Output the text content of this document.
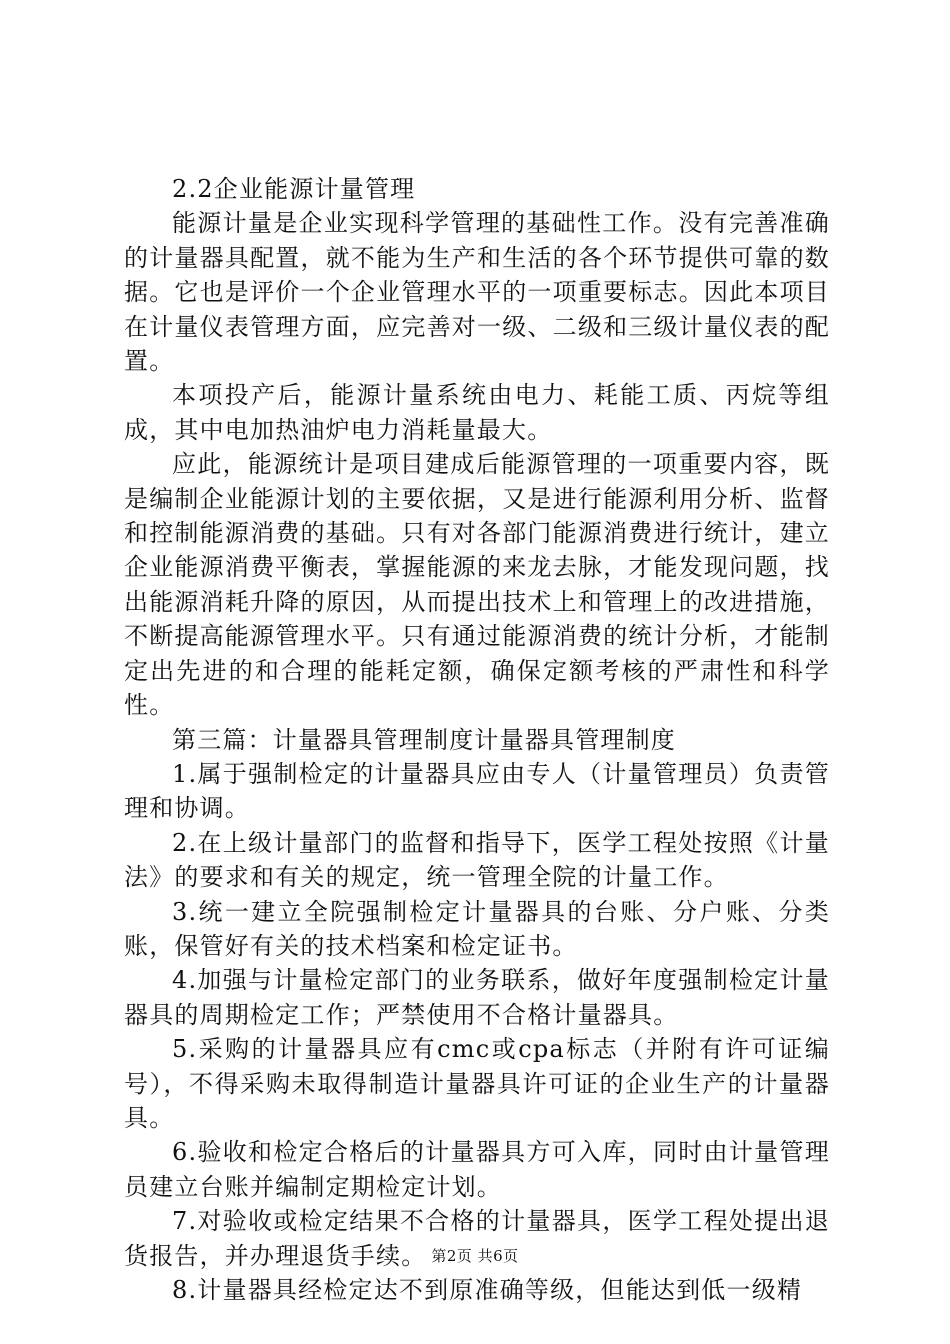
2.2企业能源计量管理

能源计量是企业实现科学管理的基础性工作。没有完善准确的计量器具配置，就不能为生产和生活的各个环节提供可靠的数据。它也是评价一个企业管理水平的一项重要标志。因此本项目在计量仪表管理方面，应完善对一级、二级和三级计量仪表的配置。

本项投产后，能源计量系统由电力、耗能工质、丙烷等组成，其中电加热油炉电力消耗量最大。

应此，能源统计是项目建成后能源管理的一项重要内容，既是编制企业能源计划的主要依据，又是进行能源利用分析、监督和控制能源消费的基础。只有对各部门能源消费进行统计，建立企业能源消费平衡表，掌握能源的来龙去脉，才能发现问题，找出能源消耗升降的原因，从而提出技术上和管理上的改进措施，不断提高能源管理水平。只有通过能源消费的统计分析，才能制定出先进的和合理的能耗定额，确保定额考核的严肃性和科学性。

第三篇：计量器具管理制度计量器具管理制度

1.属于强制检定的计量器具应由专人（计量管理员）负责管理和协调。

2.在上级计量部门的监督和指导下，医学工程处按照《计量法》的要求和有关的规定，统一管理全院的计量工作。

3.统一建立全院强制检定计量器具的台账、分户账、分类账，保管好有关的技术档案和检定证书。

4.加强与计量检定部门的业务联系，做好年度强制检定计量器具的周期检定工作；严禁使用不合格计量器具。

5.采购的计量器具应有cmc或cpa标志（并附有许可证编号），不得采购未取得制造计量器具许可证的企业生产的计量器具。

6.验收和检定合格后的计量器具方可入库，同时由计量管理员建立台账并编制定期检定计划。

7.对验收或检定结果不合格的计量器具，医学工程处提出退货报告，并办理退货手续。

8.计量器具经检定达不到原准确等级，但能达到低一级精

第2页 共6页
